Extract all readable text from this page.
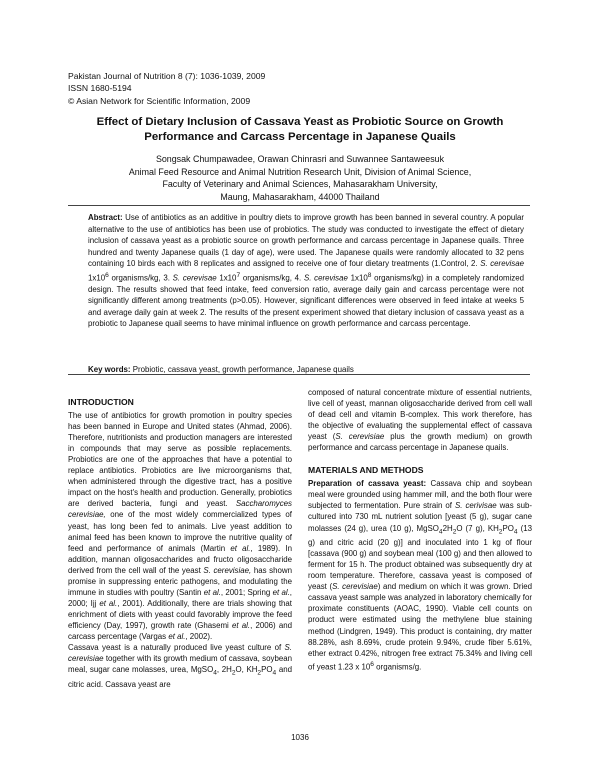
Pakistan Journal of Nutrition 8 (7): 1036-1039, 2009
ISSN 1680-5194
© Asian Network for Scientific Information, 2009
Effect of Dietary Inclusion of Cassava Yeast as Probiotic Source on Growth
Performance and Carcass Percentage in Japanese Quails
Songsak Chumpawadee, Orawan Chinrasri and Suwannee Santaweesuk
Animal Feed Resource and Animal Nutrition Research Unit, Division of Animal Science,
Faculty of Veterinary and Animal Sciences, Mahasarakham University,
Maung, Mahasarakham, 44000 Thailand
Abstract: Use of antibiotics as an additive in poultry diets to improve growth has been banned in several country. A popular alternative to the use of antibiotics has been use of probiotics. The study was conducted to investigate the effect of dietary inclusion of cassava yeast as a probiotic source on growth performance and carcass percentage in Japanese quails. Three hundred and twenty Japanese quails (1 day of age), were used. The Japanese quails were randomly allocated to 32 pens containing 10 birds each with 8 replicates and assigned to receive one of four dietary treatments (1.Control, 2. S. cerevisae $1x10^6$ organisms/kg, 3. S. cerevisae $1x10^7$ organisms/kg, 4. S. cerevisae $1x10^8$ organisms/kg) in a completely randomized design. The results showed that feed intake, feed conversion ratio, average daily gain and carcass percentage were not significantly different among treatments (p>0.05). However, significant differences were observed in feed intake at weeks 5 and average daily gain at week 2. The results of the present experiment showed that dietary inclusion of cassava yeast as a probiotic to Japanese quail seems to have minimal influence on growth performance and carcass percentage.
Key words: Probiotic, cassava yeast, growth performance, Japanese quails
INTRODUCTION

The use of antibiotics for growth promotion in poultry species has been banned in Europe and United states (Ahmad, 2006). Therefore, nutritionists and production managers are interested in compounds that may serve as possible replacements. Probiotics are one of the approaches that have a potential to replace antibiotics. Probiotics are live microorganisms that, when administered through the digestive tract, has a positive impact on the host's health and production. Generally, probiotics are derived bacteria, fungi and yeast. Saccharomyces cerevisiae, one of the most widely commercialized types of yeast, has long been fed to animals. Live yeast addition to animal feed has been known to improve the nutritive quality of feed and performance of animals (Martin et al., 1989). In addition, mannan oligosaccharides and fructo oligosaccharide derived from the cell wall of the yeast S. cerevisiae, has shown promise in suppressing enteric pathogens, and modulating the immune in studies with poultry (Santin et al., 2001; Spring et al., 2000; Ijj et al., 2001). Additionally, there are trials showing that enrichment of diets with yeast could favorably improve the feed efficiency (Day, 1997), growth rate (Ghasemi et al., 2006) and carcass percentage (Vargas et al., 2002).

Cassava yeast is a naturally produced live yeast culture of S. cerevisiae together with its growth medium of cassava, soybean meal, sugar cane molasses, urea, MgSO$_4$, $2H_2O$, $KH_2PO_4$ and citric acid. Cassava yeast are

composed of natural concentrate mixture of essential nutrients, live cell of yeast, mannan oligosaccharide derived from cell wall of dead cell and vitamin B-complex. This work therefore, has the objective of evaluating the supplemental effect of cassava yeast (S. cerevisiae plus the growth medium) on growth performance and carcass percentage in Japanese quails.

MATERIALS AND METHODS

Preparation of cassava yeast: Cassava chip and soybean meal were grounded using hammer mill, and the both flour were subjected to fermentation. Pure strain of S. cerivisae was sub-cultured into 730 mL nutrient solution [yeast (5 g), sugar cane molasses (24 g), urea (10 g), $MgSO_42H_2O$ (7 g), $KH_2PO_4$ (13 g) and citric acid (20 g)] and inoculated into 1 kg of flour [cassava (900 g) and soybean meal (100 g) and then allowed to ferment for 15 h. The product obtained was subsequently dry at room temperature. Therefore, cassava yeast is composed of yeast (S. cerevisiae) and medium on which it was grown. Dried cassava yeast sample was analyzed in laboratory chemically for proximate constituents (AOAC, 1990). Viable cell counts on product were estimated using the methylene blue staining method (Lindgren, 1949). This product is containing, dry matter 88.28%, ash 8.69%, crude protein 9.94%, crude fiber 5.61%, ether extract 0.42%, nitrogen free extract 75.34% and living cell of yeast 1.23 x $10^6$ organisms/g.

1036
